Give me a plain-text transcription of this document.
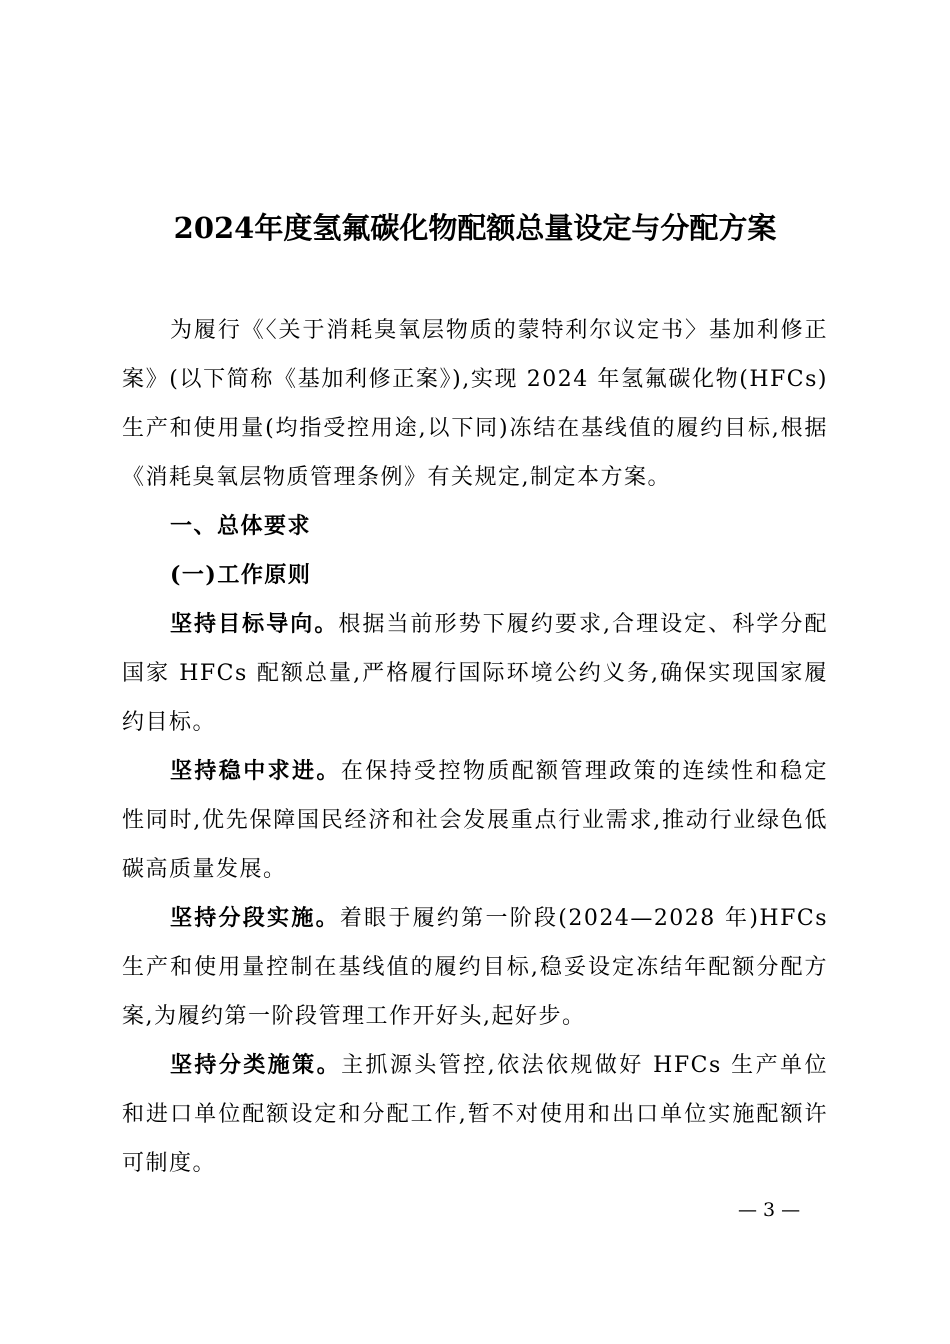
2024年度氢氟碳化物配额总量设定与分配方案

为履行《〈关于消耗臭氧层物质的蒙特利尔议定书〉基加利修正案》(以下简称《基加利修正案》),实现 2024 年氢氟碳化物(HFCs)生产和使用量(均指受控用途,以下同)冻结在基线值的履约目标,根据《消耗臭氧层物质管理条例》有关规定,制定本方案。

一、总体要求

(一)工作原则

坚持目标导向。根据当前形势下履约要求,合理设定、科学分配国家 HFCs 配额总量,严格履行国际环境公约义务,确保实现国家履约目标。

坚持稳中求进。在保持受控物质配额管理政策的连续性和稳定性同时,优先保障国民经济和社会发展重点行业需求,推动行业绿色低碳高质量发展。

坚持分段实施。着眼于履约第一阶段(2024—2028 年)HFCs 生产和使用量控制在基线值的履约目标,稳妥设定冻结年配额分配方案,为履约第一阶段管理工作开好头,起好步。

坚持分类施策。主抓源头管控,依法依规做好 HFCs 生产单位和进口单位配额设定和分配工作,暂不对使用和出口单位实施配额许可制度。

— 3 —
